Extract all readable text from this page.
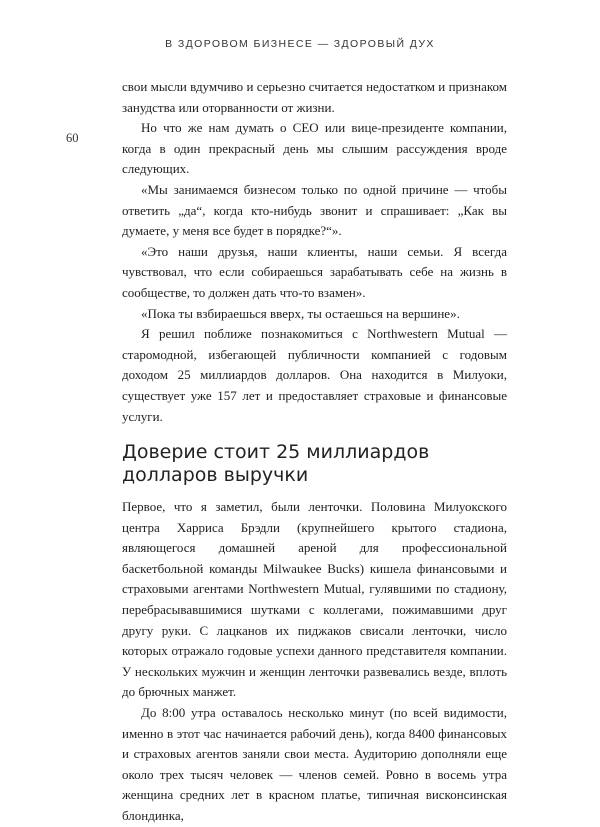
В ЗДОРОВОМ БИЗНЕСЕ — ЗДОРОВЫЙ ДУХ
60

свои мысли вдумчиво и серьезно считается недостатком и признаком занудства или оторванности от жизни.

Но что же нам думать о CEO или вице-президенте компании, когда в один прекрасный день мы слышим рассуждения вроде следующих.

«Мы занимаемся бизнесом только по одной причине — чтобы ответить „да“, когда кто-нибудь звонит и спрашивает: „Как вы думаете, у меня все будет в порядке?“».

«Это наши друзья, наши клиенты, наши семьи. Я всегда чувствовал, что если собираешься зарабатывать себе на жизнь в сообществе, то должен дать что-то взамен».

«Пока ты взбираешься вверх, ты остаешься на вершине».

Я решил поближе познакомиться с Northwestern Mutual — старомодной, избегающей публичности компанией с годовым доходом 25 миллиардов долларов. Она находится в Милуоки, существует уже 157 лет и предоставляет страховые и финансовые услуги.

Доверие стоит 25 миллиардов долларов выручки

Первое, что я заметил, были ленточки. Половина Милуокского центра Харриса Брэдли (крупнейшего крытого стадиона, являющегося домашней ареной для профессиональной баскетбольной команды Milwaukee Bucks) кишела финансовыми и страховыми агентами Northwestern Mutual, гулявшими по стадиону, перебрасывавшимися шутками с коллегами, пожимавшими друг другу руки. С лацканов их пиджаков свисали ленточки, число которых отражало годовые успехи данного представителя компании. У нескольких мужчин и женщин ленточки развевались везде, вплоть до брючных манжет.

До 8:00 утра оставалось несколько минут (по всей видимости, именно в этот час начинается рабочий день), когда 8400 финансовых и страховых агентов заняли свои места. Аудиторию дополняли еще около трех тысяч человек — членов семей. Ровно в восемь утра женщина средних лет в красном платье, типичная висконсинская блондинка,
